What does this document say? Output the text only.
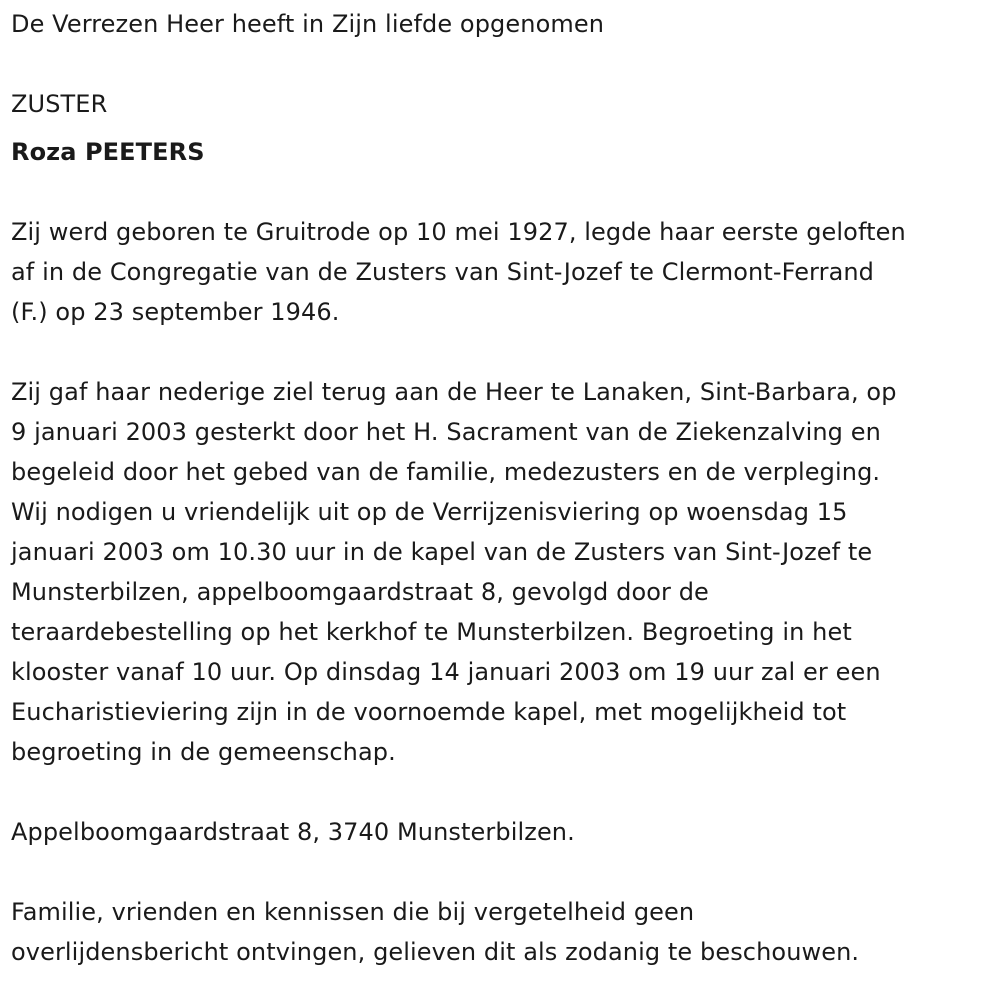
De Verrezen Heer heeft in Zijn liefde opgenomen

ZUSTER

Roza PEETERS

Zij werd geboren te Gruitrode op 10 mei 1927, legde haar eerste geloften

af in de Congregatie van de Zusters van Sint-Jozef te Clermont-Ferrand

(F.) op 23 september 1946.

Zij gaf haar nederige ziel terug aan de Heer te Lanaken, Sint-Barbara, op

9 januari 2003 gesterkt door het H. Sacrament van de Ziekenzalving en

begeleid door het gebed van de familie, medezusters en de verpleging.

Wij nodigen u vriendelijk uit op de Verrijzenisviering op woensdag 15

januari 2003 om 10.30 uur in de kapel van de Zusters van Sint-Jozef te

Munsterbilzen, appelboomgaardstraat 8, gevolgd door de

teraardebestelling op het kerkhof te Munsterbilzen. Begroeting in het

klooster vanaf 10 uur. Op dinsdag 14 januari 2003 om 19 uur zal er een

Eucharistieviering zijn in de voornoemde kapel, met mogelijkheid tot

begroeting in de gemeenschap.

Appelboomgaardstraat 8, 3740 Munsterbilzen.

Familie, vrienden en kennissen die bij vergetelheid geen

overlijdensbericht ontvingen, gelieven dit als zodanig te beschouwen.
